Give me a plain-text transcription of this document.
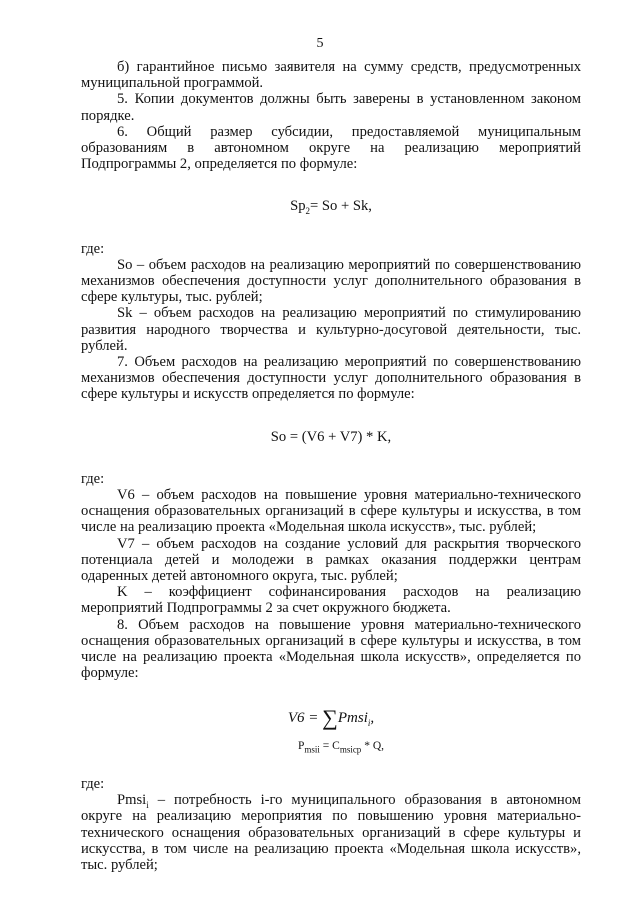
5

б) гарантийное письмо заявителя на сумму средств, предусмотренных муниципальной программой.

5. Копии документов должны быть заверены в установленном законом порядке.

6. Общий размер субсидии, предоставляемой муниципальным образованиям в автономном округе на реализацию мероприятий Подпрограммы 2, определяется по формуле:

$Sp_2= So + Sk$,

где:

So – объем расходов на реализацию мероприятий по совершенствованию механизмов обеспечения доступности услуг дополнительного образования в сфере культуры, тыс. рублей;

Sk – объем расходов на реализацию мероприятий по стимулированию развития народного творчества и культурно-досуговой деятельности, тыс. рублей.

7. Объем расходов на реализацию мероприятий по совершенствованию механизмов обеспечения доступности услуг дополнительного образования в сфере культуры и искусств определяется по формуле:

So = (V6 + V7) * K,

где:

V6 – объем расходов на повышение уровня материально-технического оснащения образовательных организаций в сфере культуры и искусства, в том числе на реализацию проекта «Модельная школа искусств», тыс. рублей;

V7 – объем расходов на создание условий для раскрытия творческого потенциала детей и молодежи в рамках оказания поддержки центрам одаренных детей автономного округа, тыс. рублей;

K – коэффициент софинансирования расходов на реализацию мероприятий Подпрограммы 2 за счет окружного бюджета.

8. Объем расходов на повышение уровня материально-технического оснащения образовательных организаций в сфере культуры и искусства, в том числе на реализацию проекта «Модельная школа искусств», определяется по формуле:

V6 = ∑Pmsi$_i$,
$P_{msii} = C_{msicp} * Q$,

где:

Pmsi$_i$ – потребность i-го муниципального образования в автономном округе на реализацию мероприятия по повышению уровня материально-технического оснащения образовательных организаций в сфере культуры и искусства, в том числе на реализацию проекта «Модельная школа искусств», тыс. рублей;
